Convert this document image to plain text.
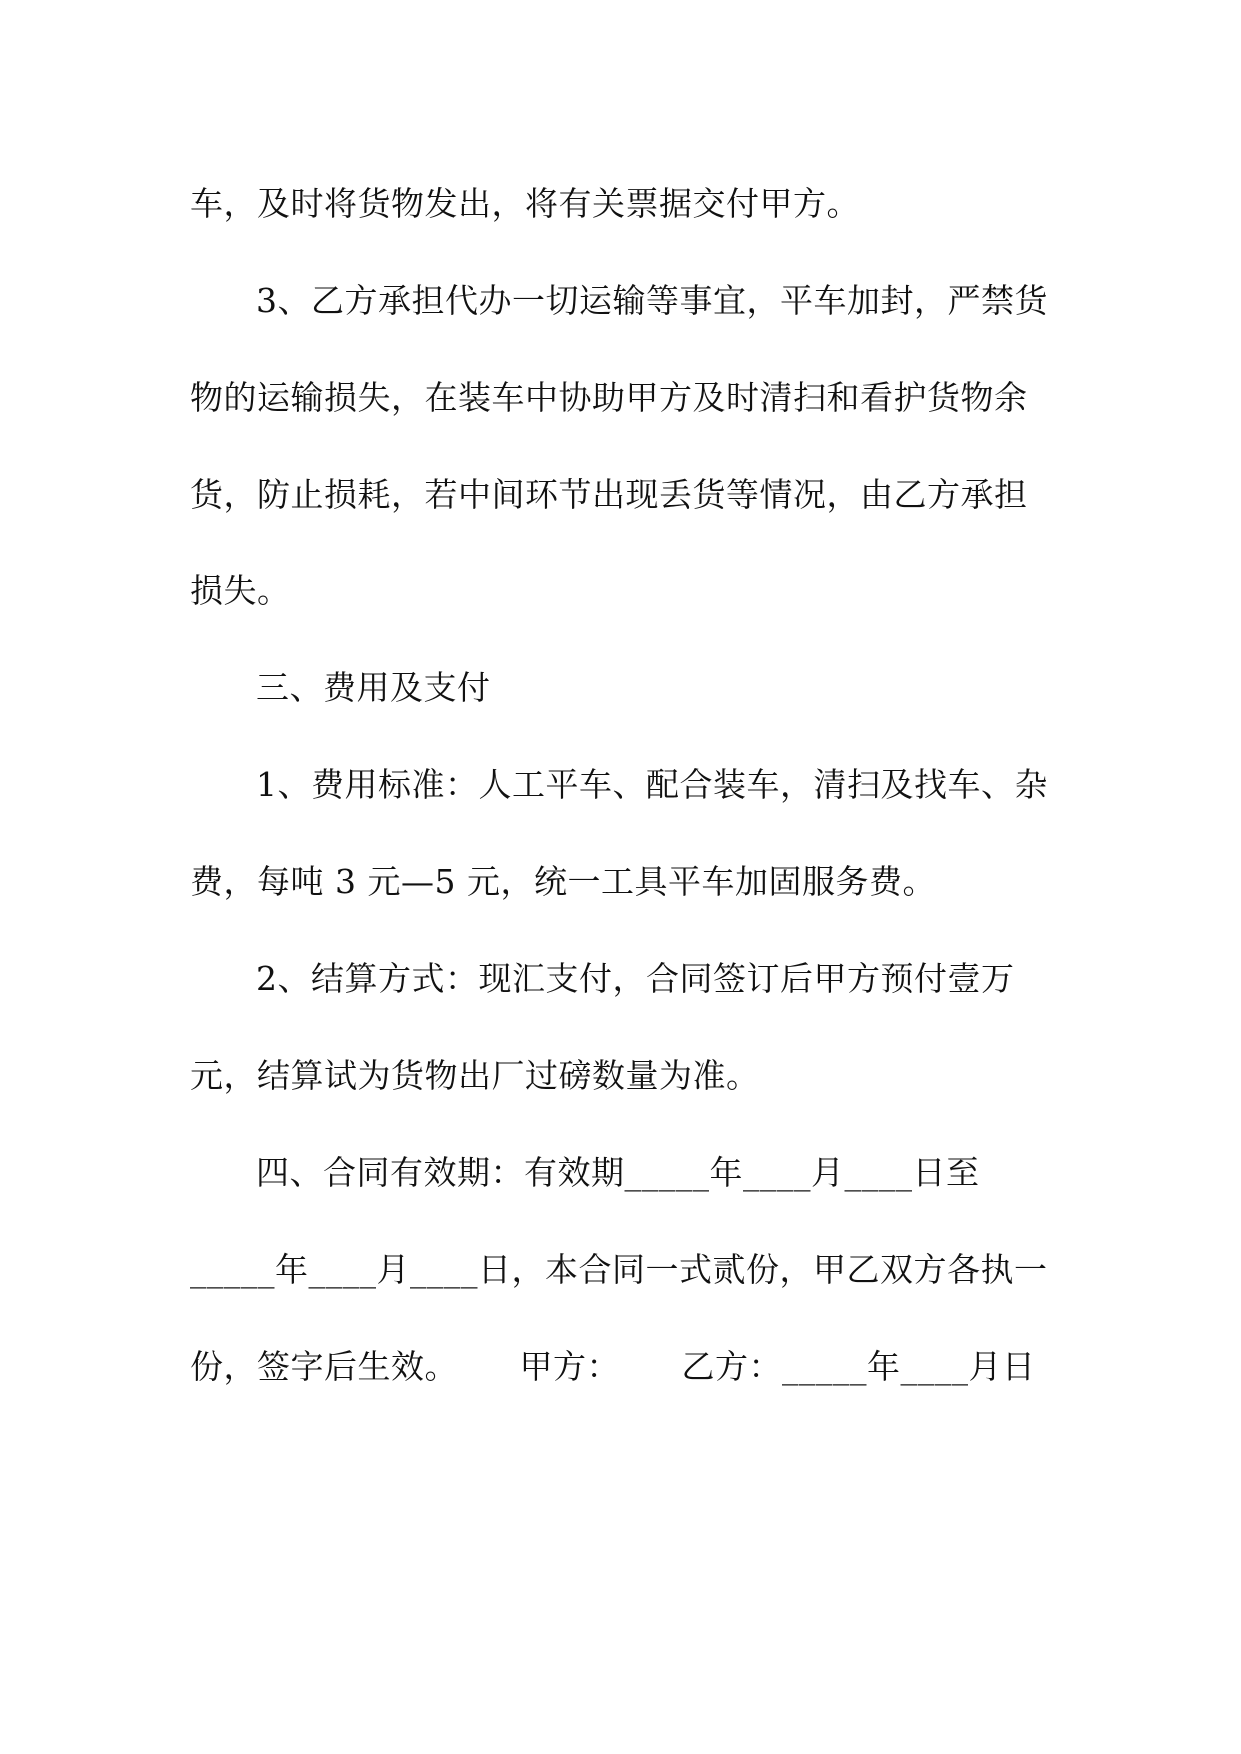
车，及时将货物发出，将有关票据交付甲方。
3、乙方承担代办一切运输等事宜，平车加封，严禁货
物的运输损失，在装车中协助甲方及时清扫和看护货物余
货，防止损耗，若中间环节出现丢货等情况，由乙方承担
损失。
三、费用及支付
1、费用标准：人工平车、配合装车，清扫及找车、杂
费，每吨 3 元—5 元，统一工具平车加固服务费。
2、结算方式：现汇支付，合同签订后甲方预付壹万
元，结算试为货物出厂过磅数量为准。
四、合同有效期：有效期_____年____月____日至
_____年____月____日，本合同一式贰份，甲乙双方各执一
份，签字后生效。　　 甲方：　　 乙方：_____年____月日
